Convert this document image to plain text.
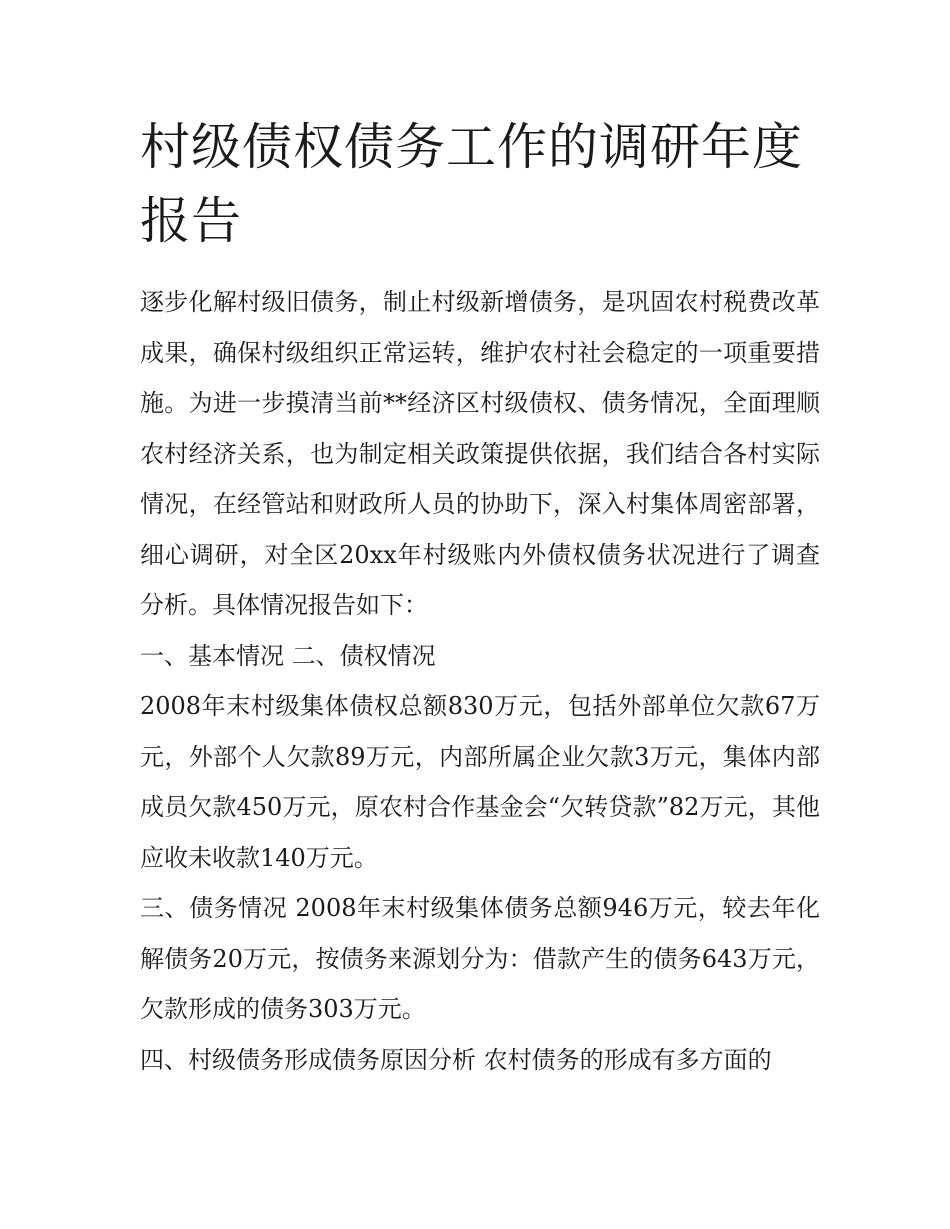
村级债权债务工作的调研年度报告

逐步化解村级旧债务，制止村级新增债务，是巩固农村税费改革成果，确保村级组织正常运转，维护农村社会稳定的一项重要措施。为进一步摸清当前**经济区村级债权、债务情况，全面理顺农村经济关系，也为制定相关政策提供依据，我们结合各村实际情况，在经管站和财政所人员的协助下，深入村集体周密部署，细心调研，对全区20xx年村级账内外债权债务状况进行了调查分析。具体情况报告如下：

一、基本情况 二、债权情况

2008年末村级集体债权总额830万元，包括外部单位欠款67万元，外部个人欠款89万元，内部所属企业欠款3万元，集体内部成员欠款450万元，原农村合作基金会“欠转贷款”82万元，其他应收未收款140万元。

三、债务情况 2008年末村级集体债务总额946万元，较去年化解债务20万元，按债务来源划分为：借款产生的债务643万元，欠款形成的债务303万元。

四、村级债务形成债务原因分析 农村债务的形成有多方面的
